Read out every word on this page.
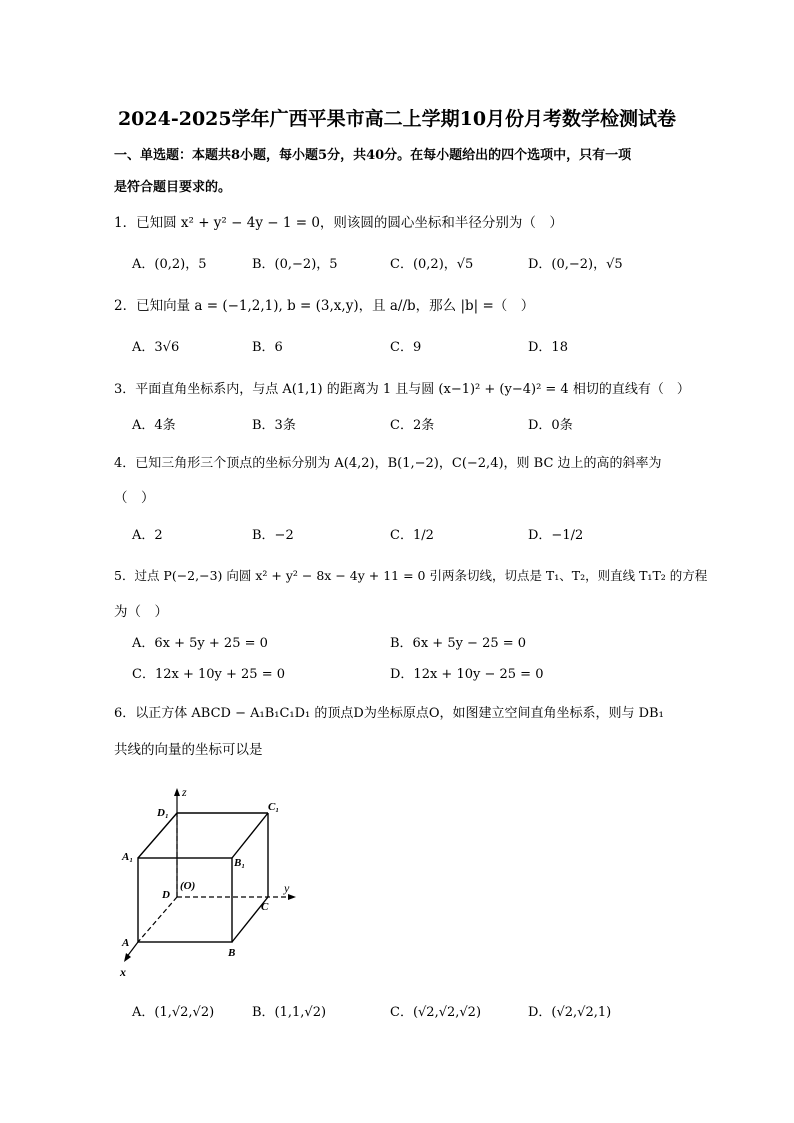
2024-2025学年广西平果市高二上学期10月份月考数学检测试卷
一、单选题：本题共8小题，每小题5分，共40分。在每小题给出的四个选项中，只有一项
是符合题目要求的。
1．已知圆 x² + y² − 4y − 1 = 0，则该圆的圆心坐标和半径分别为（　）
A．(0,2)，5	B．(0,−2)，5	C．(0,2)，√5	D．(0,−2)，√5
2．已知向量 a = (−1,2,1), b = (3,x,y)，且 a//b，那么 |b| =（　）
A．3√6	B．6	C．9	D．18
3．平面直角坐标系内，与点 A(1,1) 的距离为 1 且与圆 (x−1)² + (y−4)² = 4 相切的直线有（　）
A．4条	B．3条	C．2条	D．0条
4．已知三角形三个顶点的坐标分别为 A(4,2)，B(1,−2)，C(−2,4)，则 BC 边上的高的斜率为
（　）
A．2	B．−2	C．1/2	D．−1/2
5．过点 P(−2,−3) 向圆 x² + y² − 8x − 4y + 11 = 0 引两条切线，切点是 T₁、T₂，则直线 T₁T₂ 的方程
为（　）
A．6x + 5y + 25 = 0	B．6x + 5y − 25 = 0
C．12x + 10y + 25 = 0	D．12x + 10y − 25 = 0
6．以正方体 ABCD − A₁B₁C₁D₁ 的顶点D为坐标原点O，如图建立空间直角坐标系，则与 DB₁
共线的向量的坐标可以是
z
y
x
D₁	C₁
A₁	B₁
D
(O)
C
A
B
A．(1,√2,√2)	B．(1,1,√2)	C．(√2,√2,√2)	D．(√2,√2,1)
